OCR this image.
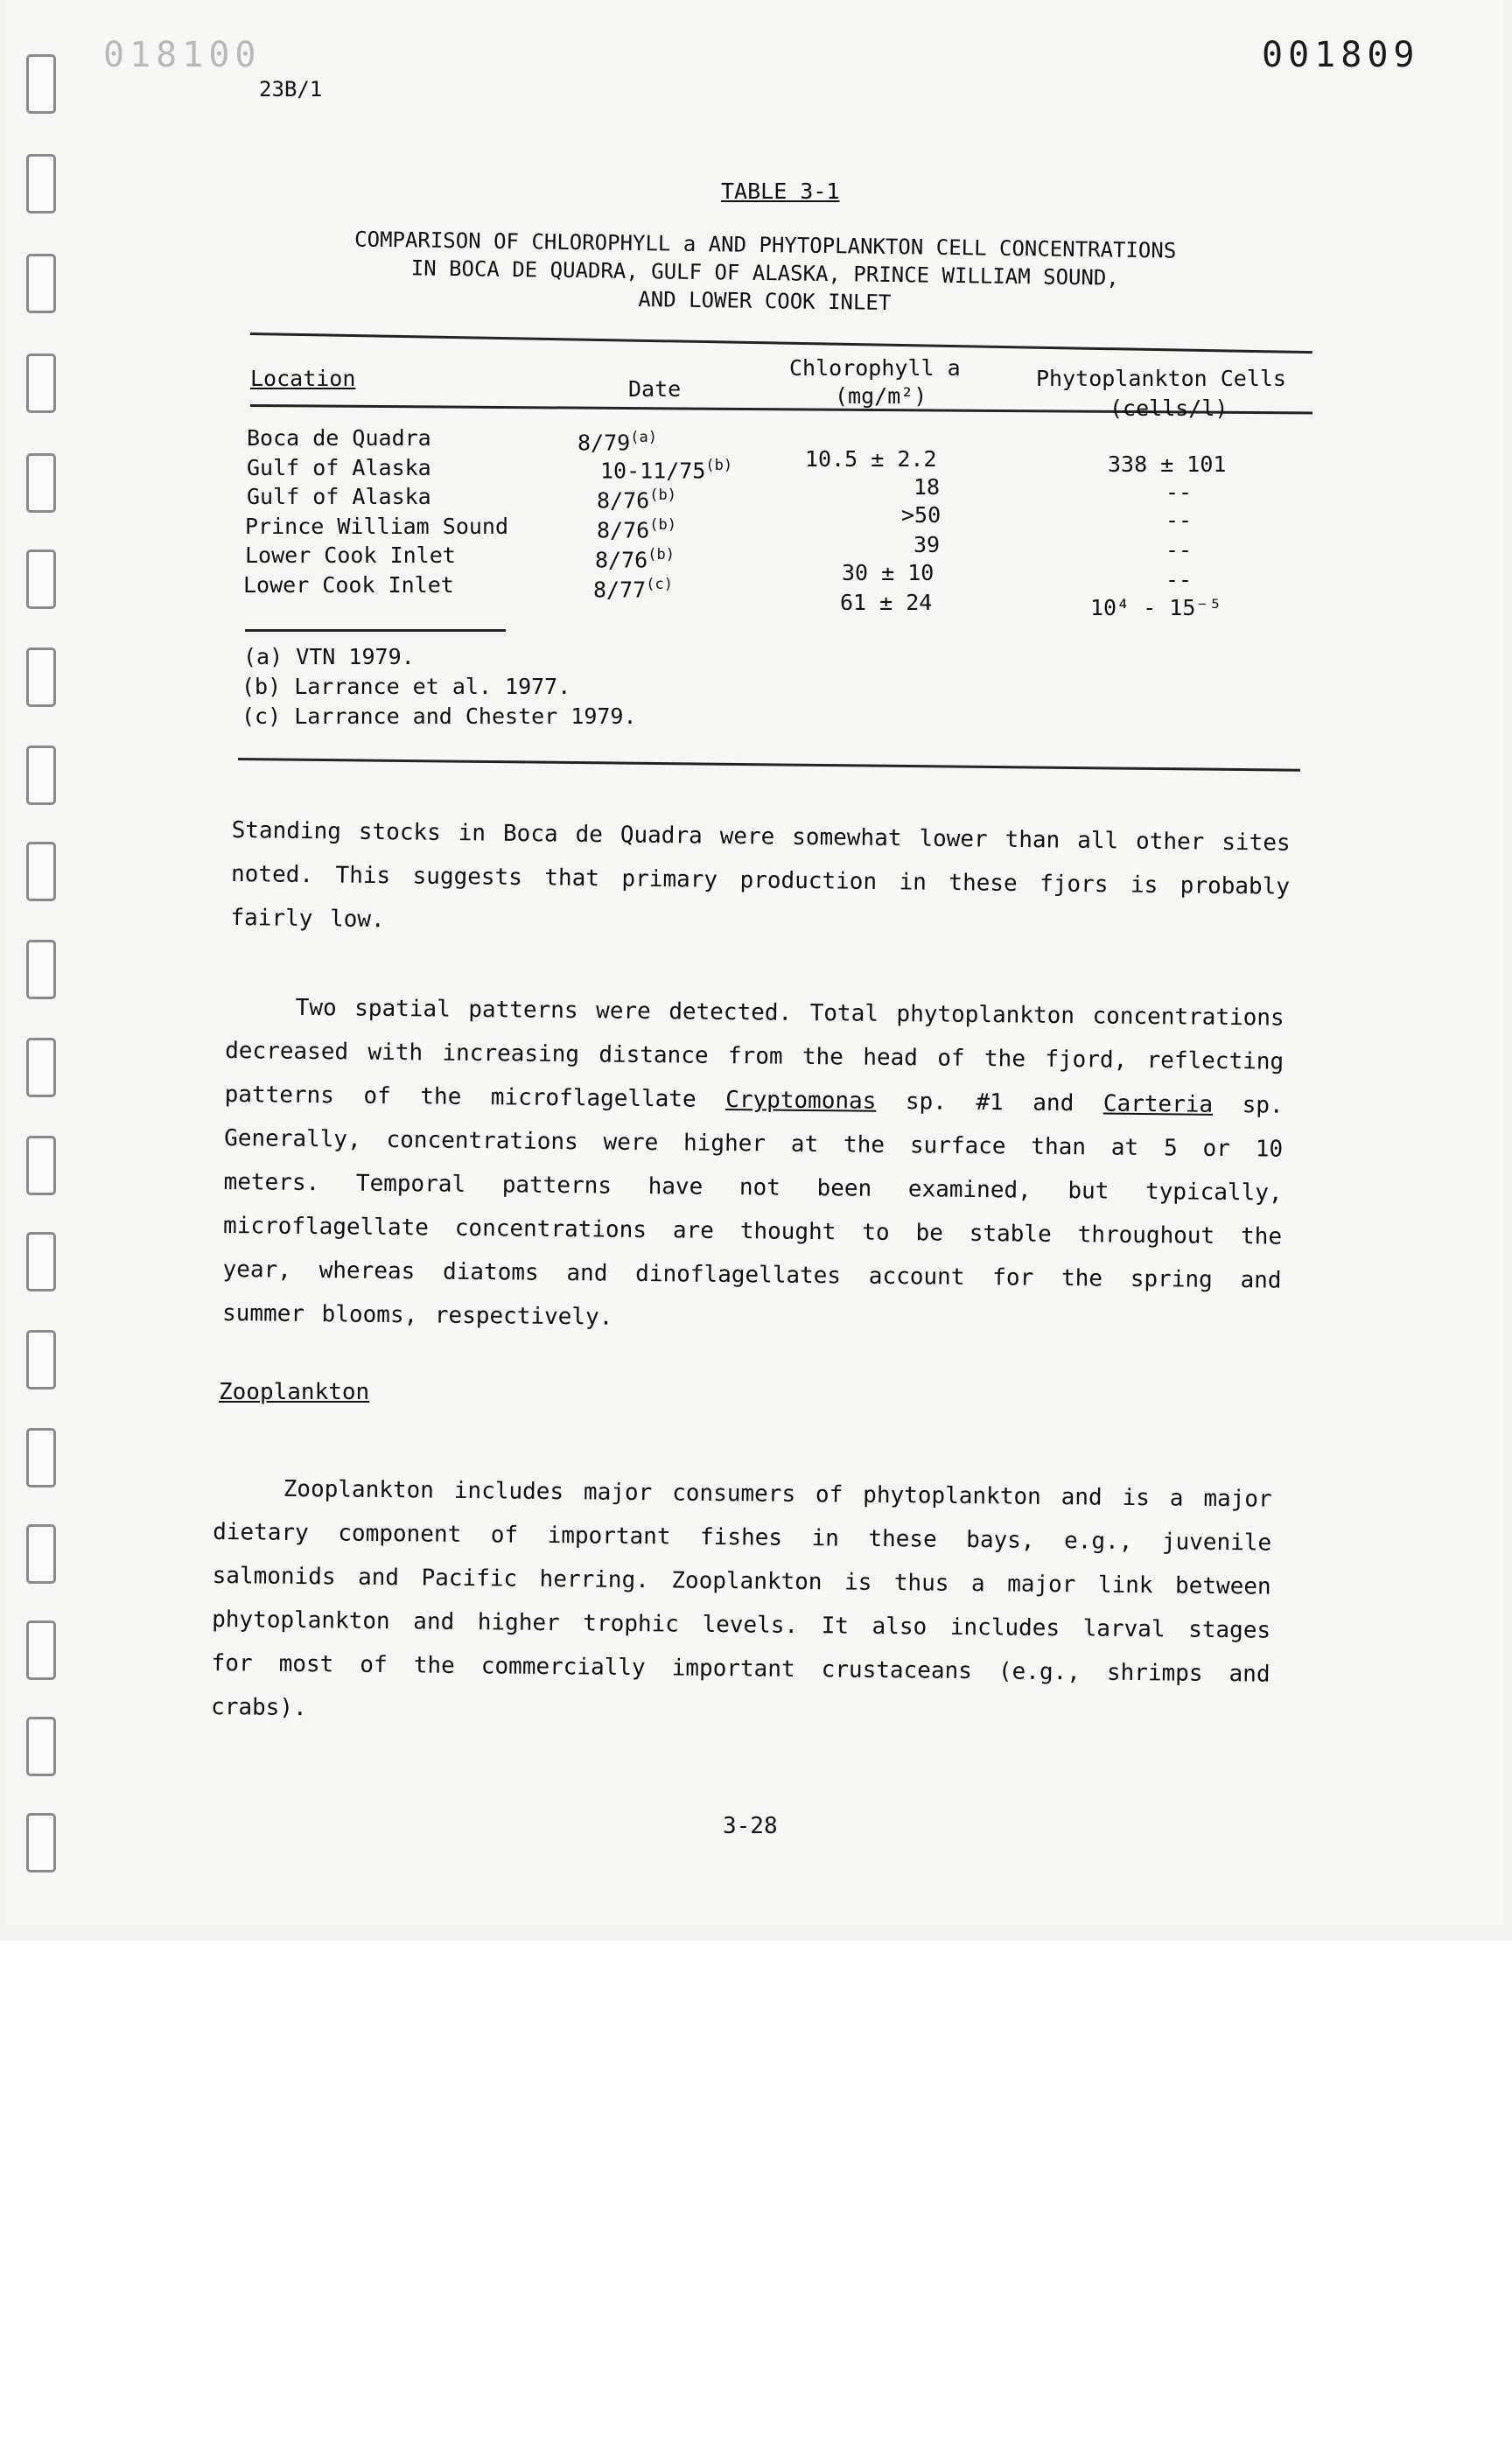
018100	001809
23B/1
TABLE 3-1
COMPARISON OF CHLOROPHYLL a AND PHYTOPLANKTON CELL CONCENTRATIONS
IN BOCA DE QUADRA, GULF OF ALASKA, PRINCE WILLIAM SOUND,
AND LOWER COOK INLET
Location	Date
Chlorophyll a
(mg/m²)
Phytoplankton Cells
(cells/l)
Boca de Quadra
Gulf of Alaska
Gulf of Alaska
Prince William Sound
Lower Cook Inlet
Lower Cook Inlet
8/79$^{(a)}$
10-11/75$^{(b)}$
8/76$^{(b)}$
8/76$^{(b)}$
8/76$^{(b)}$
8/77$^{(c)}$
10.5 ± 2.2
18
>50
39
30 ± 10
61 ± 24
338 ± 101
--
--
--
--
10⁴ - 15⁻⁵
(a) VTN 1979.
(b) Larrance et al. 1977.
(c) Larrance and Chester 1979.

Standing stocks in Boca de Quadra were somewhat lower than all other sites noted. This suggests that primary production in these fjors is probably fairly low.

Two spatial patterns were detected. Total phytoplankton concentrations decreased with increasing distance from the head of the fjord, reflecting patterns of the microflagellate Cryptomonas sp. #1 and Carteria sp. Generally, concentrations were higher at the surface than at 5 or 10 meters. Temporal patterns have not been examined, but typically, microflagellate concentrations are thought to be stable throughout the year, whereas diatoms and dinoflagellates account for the spring and summer blooms, respectively.

Zooplankton

Zooplankton includes major consumers of phytoplankton and is a major dietary component of important fishes in these bays, e.g., juvenile salmonids and Pacific herring. Zooplankton is thus a major link between phytoplankton and higher trophic levels. It also includes larval stages for most of the commercially important crustaceans (e.g., shrimps and crabs).

3-28
